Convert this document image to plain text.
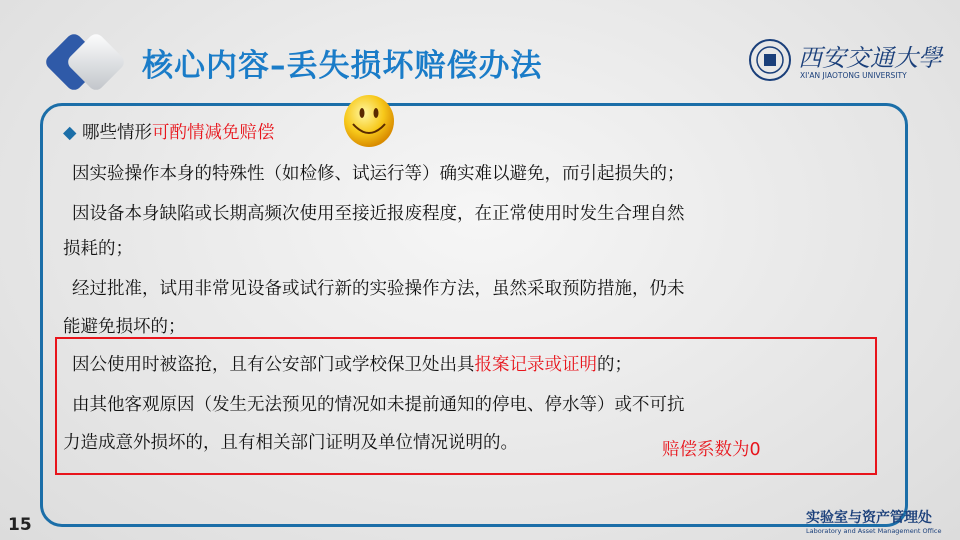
核心内容–丢失损坏赔偿办法	西安交通大學
XI'AN JIAOTONG UNIVERSITY
◆ 哪些情形可酌情减免赔偿
因实验操作本身的特殊性（如检修、试运行等）确实难以避免，而引起损失的；
因设备本身缺陷或长期高频次使用至接近报废程度，在正常使用时发生合理自然
损耗的；
经过批准，试用非常见设备或试行新的实验操作方法，虽然采取预防措施，仍未
能避免损坏的；
因公使用时被盗抢，且有公安部门或学校保卫处出具报案记录或证明的；
由其他客观原因（发生无法预见的情况如未提前通知的停电、停水等）或不可抗
力造成意外损坏的，且有相关部门证明及单位情况说明的。	赔偿系数为0
15	实验室与资产管理处
Laboratory and Asset Management Office
